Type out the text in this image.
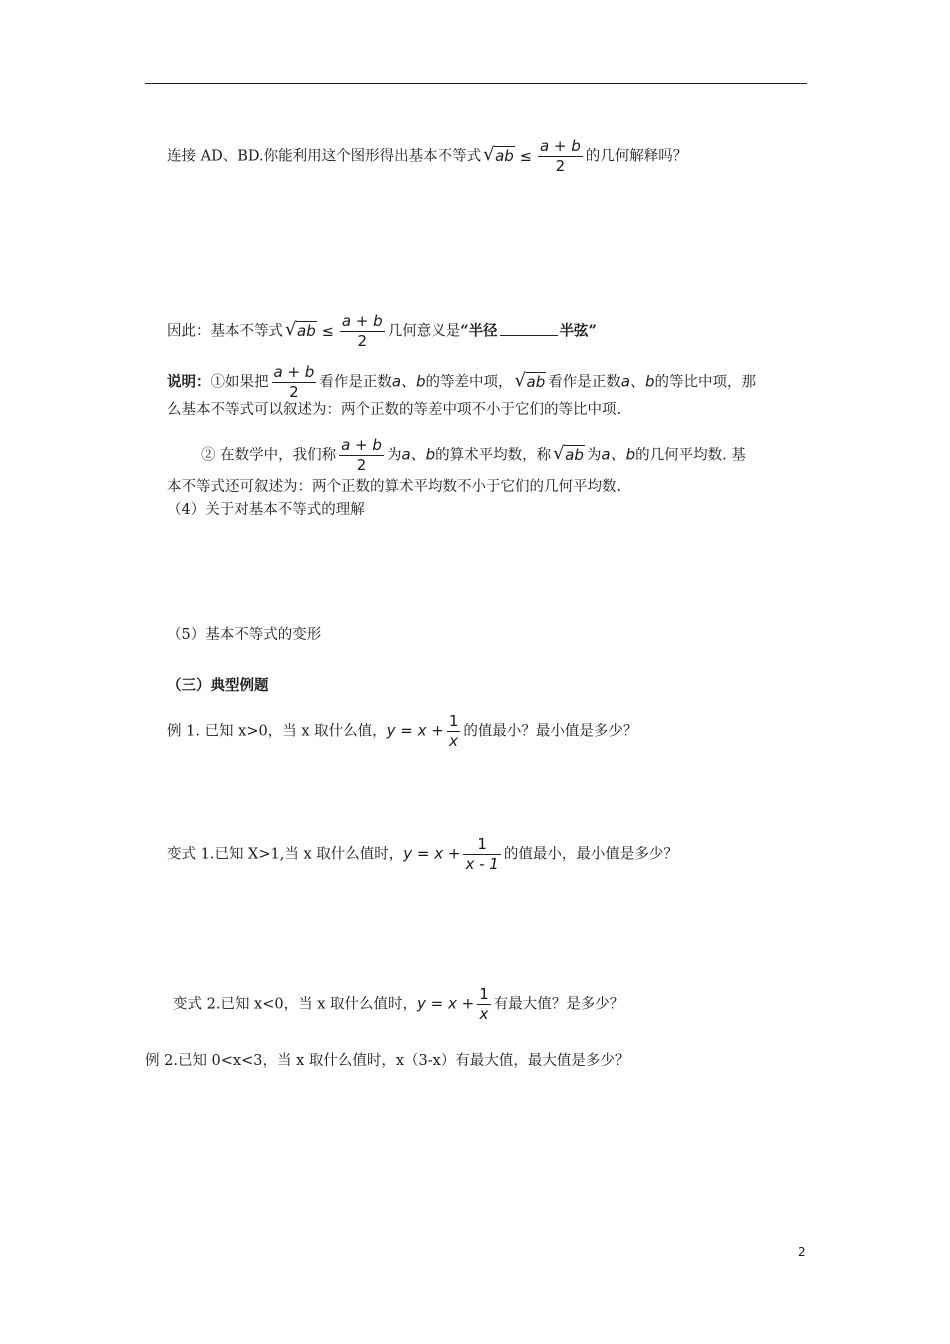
连接 AD、BD.你能利用这个图形得出基本不等式 √ ab ≤ $\frac{a + b}{2}$ 的几何解释吗？
因此：基本不等式 √ ab ≤ $\frac{a + b}{2}$ 几何意义是“半径	半弦”
说明：①如果把 $\frac{a + b}{2}$ 看作是正数a、b的等差中项， √ ab 看作是正数a、b的等比中项，那
么基本不等式可以叙述为：两个正数的等差中项不小于它们的等比中项.
② 在数学中，我们称 $\frac{a + b}{2}$ 为a、b的算术平均数，称 √ ab 为a、b的几何平均数. 基
本不等式还可叙述为：两个正数的算术平均数不小于它们的几何平均数.
（4）关于对基本不等式的理解
（5）基本不等式的变形
（三）典型例题
例 1. 已知 x>0，当 x 取什么值，$y = x + \frac{1}{x}$ 的值最小？最小值是多少？
变式 1.已知 X>1,当 x 取什么值时，$y = x + \frac{1}{x - 1}$ 的值最小，最小值是多少？
变式 2.已知 x<0，当 x 取什么值时，$y = x + \frac{1}{x}$ 有最大值？是多少？
例 2.已知 0<x<3，当 x 取什么值时，x（3-x）有最大值，最大值是多少？
2
